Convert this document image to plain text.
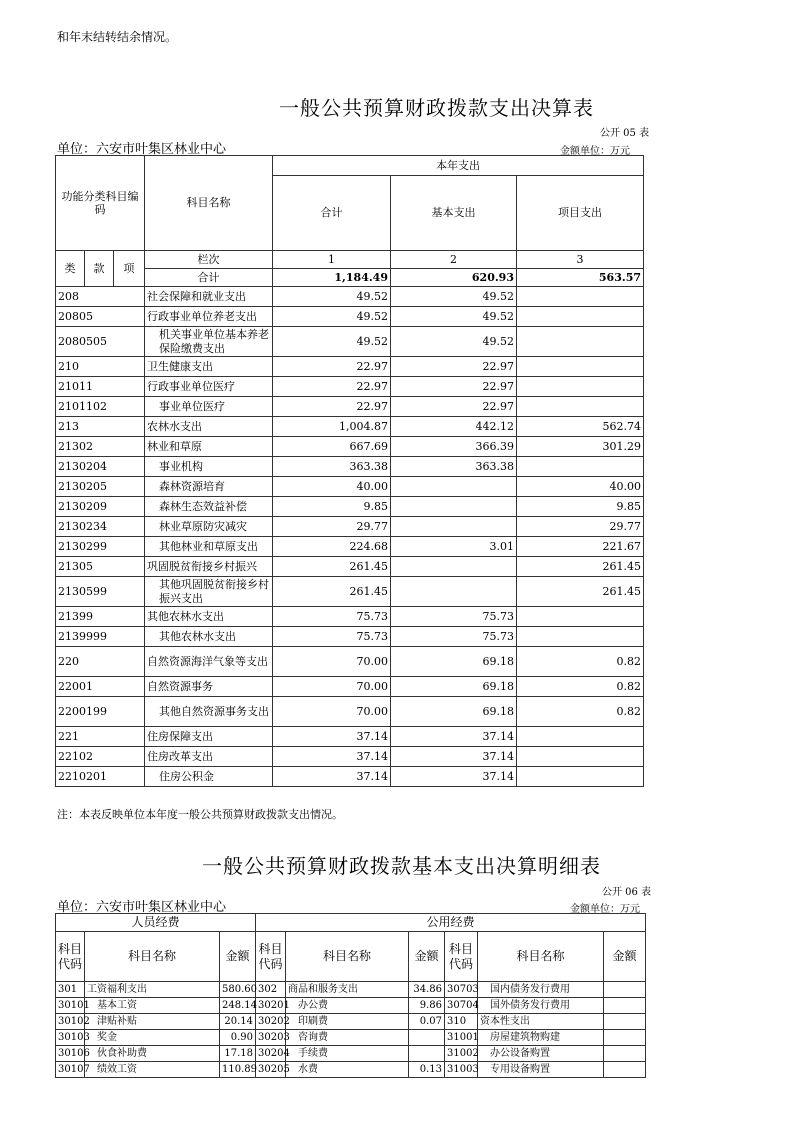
和年末结转结余情况。
一般公共预算财政拨款支出决算表
公开 05 表
单位：六安市叶集区林业中心	金额单位：万元
功能分类科目编码			科目名称	本年支出		
				合计	基本支出	项目支出

类	款	项	栏次	1	2	3
			合计	1,184.49	620.93	563.57
208			社会保障和就业支出	49.52	49.52	
20805			行政事业单位养老支出	49.52	49.52	
2080505			机关事业单位基本养老保险缴费支出	49.52	49.52	
210			卫生健康支出	22.97	22.97	
21011			行政事业单位医疗	22.97	22.97	
2101102			事业单位医疗	22.97	22.97	
213			农林水支出	1,004.87	442.12	562.74
21302			林业和草原	667.69	366.39	301.29
2130204			事业机构	363.38	363.38	
2130205			森林资源培育	40.00		40.00
2130209			森林生态效益补偿	9.85		9.85
2130234			林业草原防灾减灾	29.77		29.77
2130299			其他林业和草原支出	224.68	3.01	221.67
21305			巩固脱贫衔接乡村振兴	261.45		261.45
2130599			其他巩固脱贫衔接乡村振兴支出	261.45		261.45
21399			其他农林水支出	75.73	75.73	
2139999			其他农林水支出	75.73	75.73	
220			自然资源海洋气象等支出	70.00	69.18	0.82
22001			自然资源事务	70.00	69.18	0.82
2200199			其他自然资源事务支出	70.00	69.18	0.82
221			住房保障支出	37.14	37.14	
22102			住房改革支出	37.14	37.14	
2210201			住房公积金	37.14	37.14	
注：本表反映单位本年度一般公共预算财政拨款支出情况。
一般公共预算财政拨款基本支出决算明细表
公开 06 表
单位：六安市叶集区林业中心	金额单位：万元
人员经费			公用经费					
科目代码	科目名称	金额	科目代码	科目名称	金额	科目代码	科目名称	金额
301	工资福利支出	580.60	302	商品和服务支出	34.86	30703	国内债务发行费用	
30101	基本工资	248.14	30201	办公费	9.86	30704	国外债务发行费用	
30102	津贴补贴	20.14	30202	印刷费	0.07	310	资本性支出	
30103	奖金	0.90	30203	咨询费		31001	房屋建筑物购建	
30106	伙食补助费	17.18	30204	手续费		31002	办公设备购置	
30107	绩效工资	110.89	30205	水费	0.13	31003	专用设备购置	
